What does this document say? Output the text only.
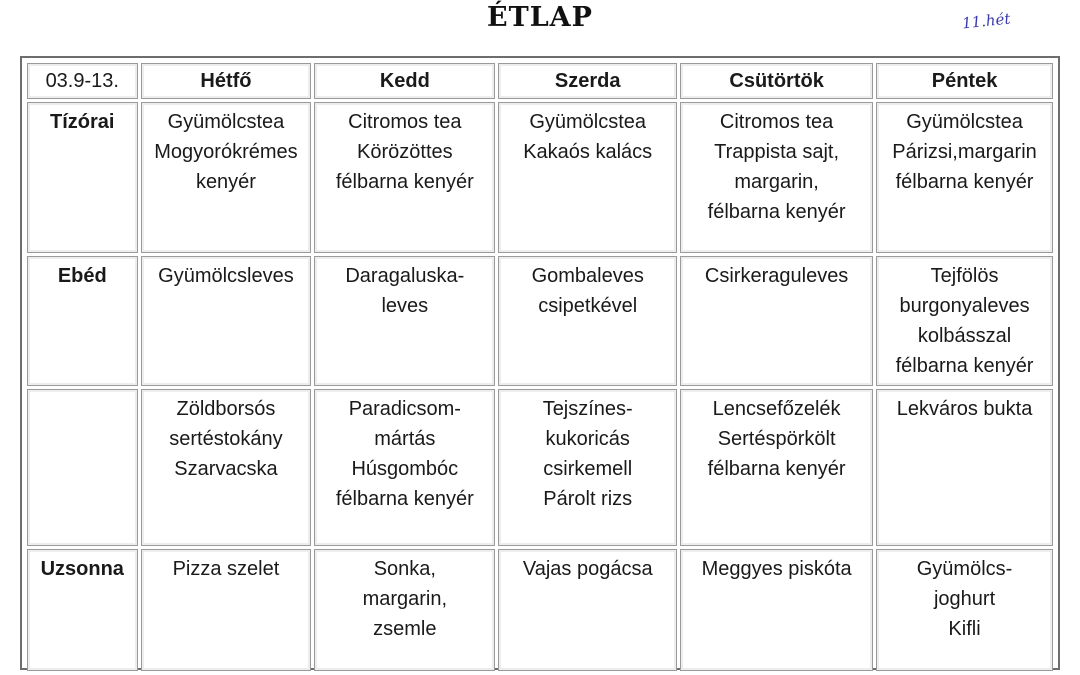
ÉTLAP	11.hét
03.9-13.	Hétfő	Kedd	Szerda	Csütörtök	Péntek
Tízórai	Gyümölcstea
Mogyorókrémes
kenyér	Citromos tea
Körözöttes
félbarna kenyér	Gyümölcstea
Kakaós kalács	Citromos tea
Trappista sajt,
margarin,
félbarna kenyér	Gyümölcstea
Párizsi,margarin
félbarna kenyér

Ebéd	Gyümölcsleves	Daragaluska-
leves	Gombaleves
csipetkével	Csirkeraguleves	Tejfölös
burgonyaleves
kolbásszal
félbarna kenyér

	Zöldborsós
sertéstokány
Szarvacska	Paradicsom-
mártás
Húsgombóc
félbarna kenyér	Tejszínes-
kukoricás
csirkemell
Párolt rizs	Lencsefőzelék
Sertéspörkölt
félbarna kenyér	Lekváros bukta

Uzsonna	Pizza szelet	Sonka,
margarin,
zsemle	Vajas pogácsa	Meggyes piskóta	Gyümölcs-
joghurt
Kifli
